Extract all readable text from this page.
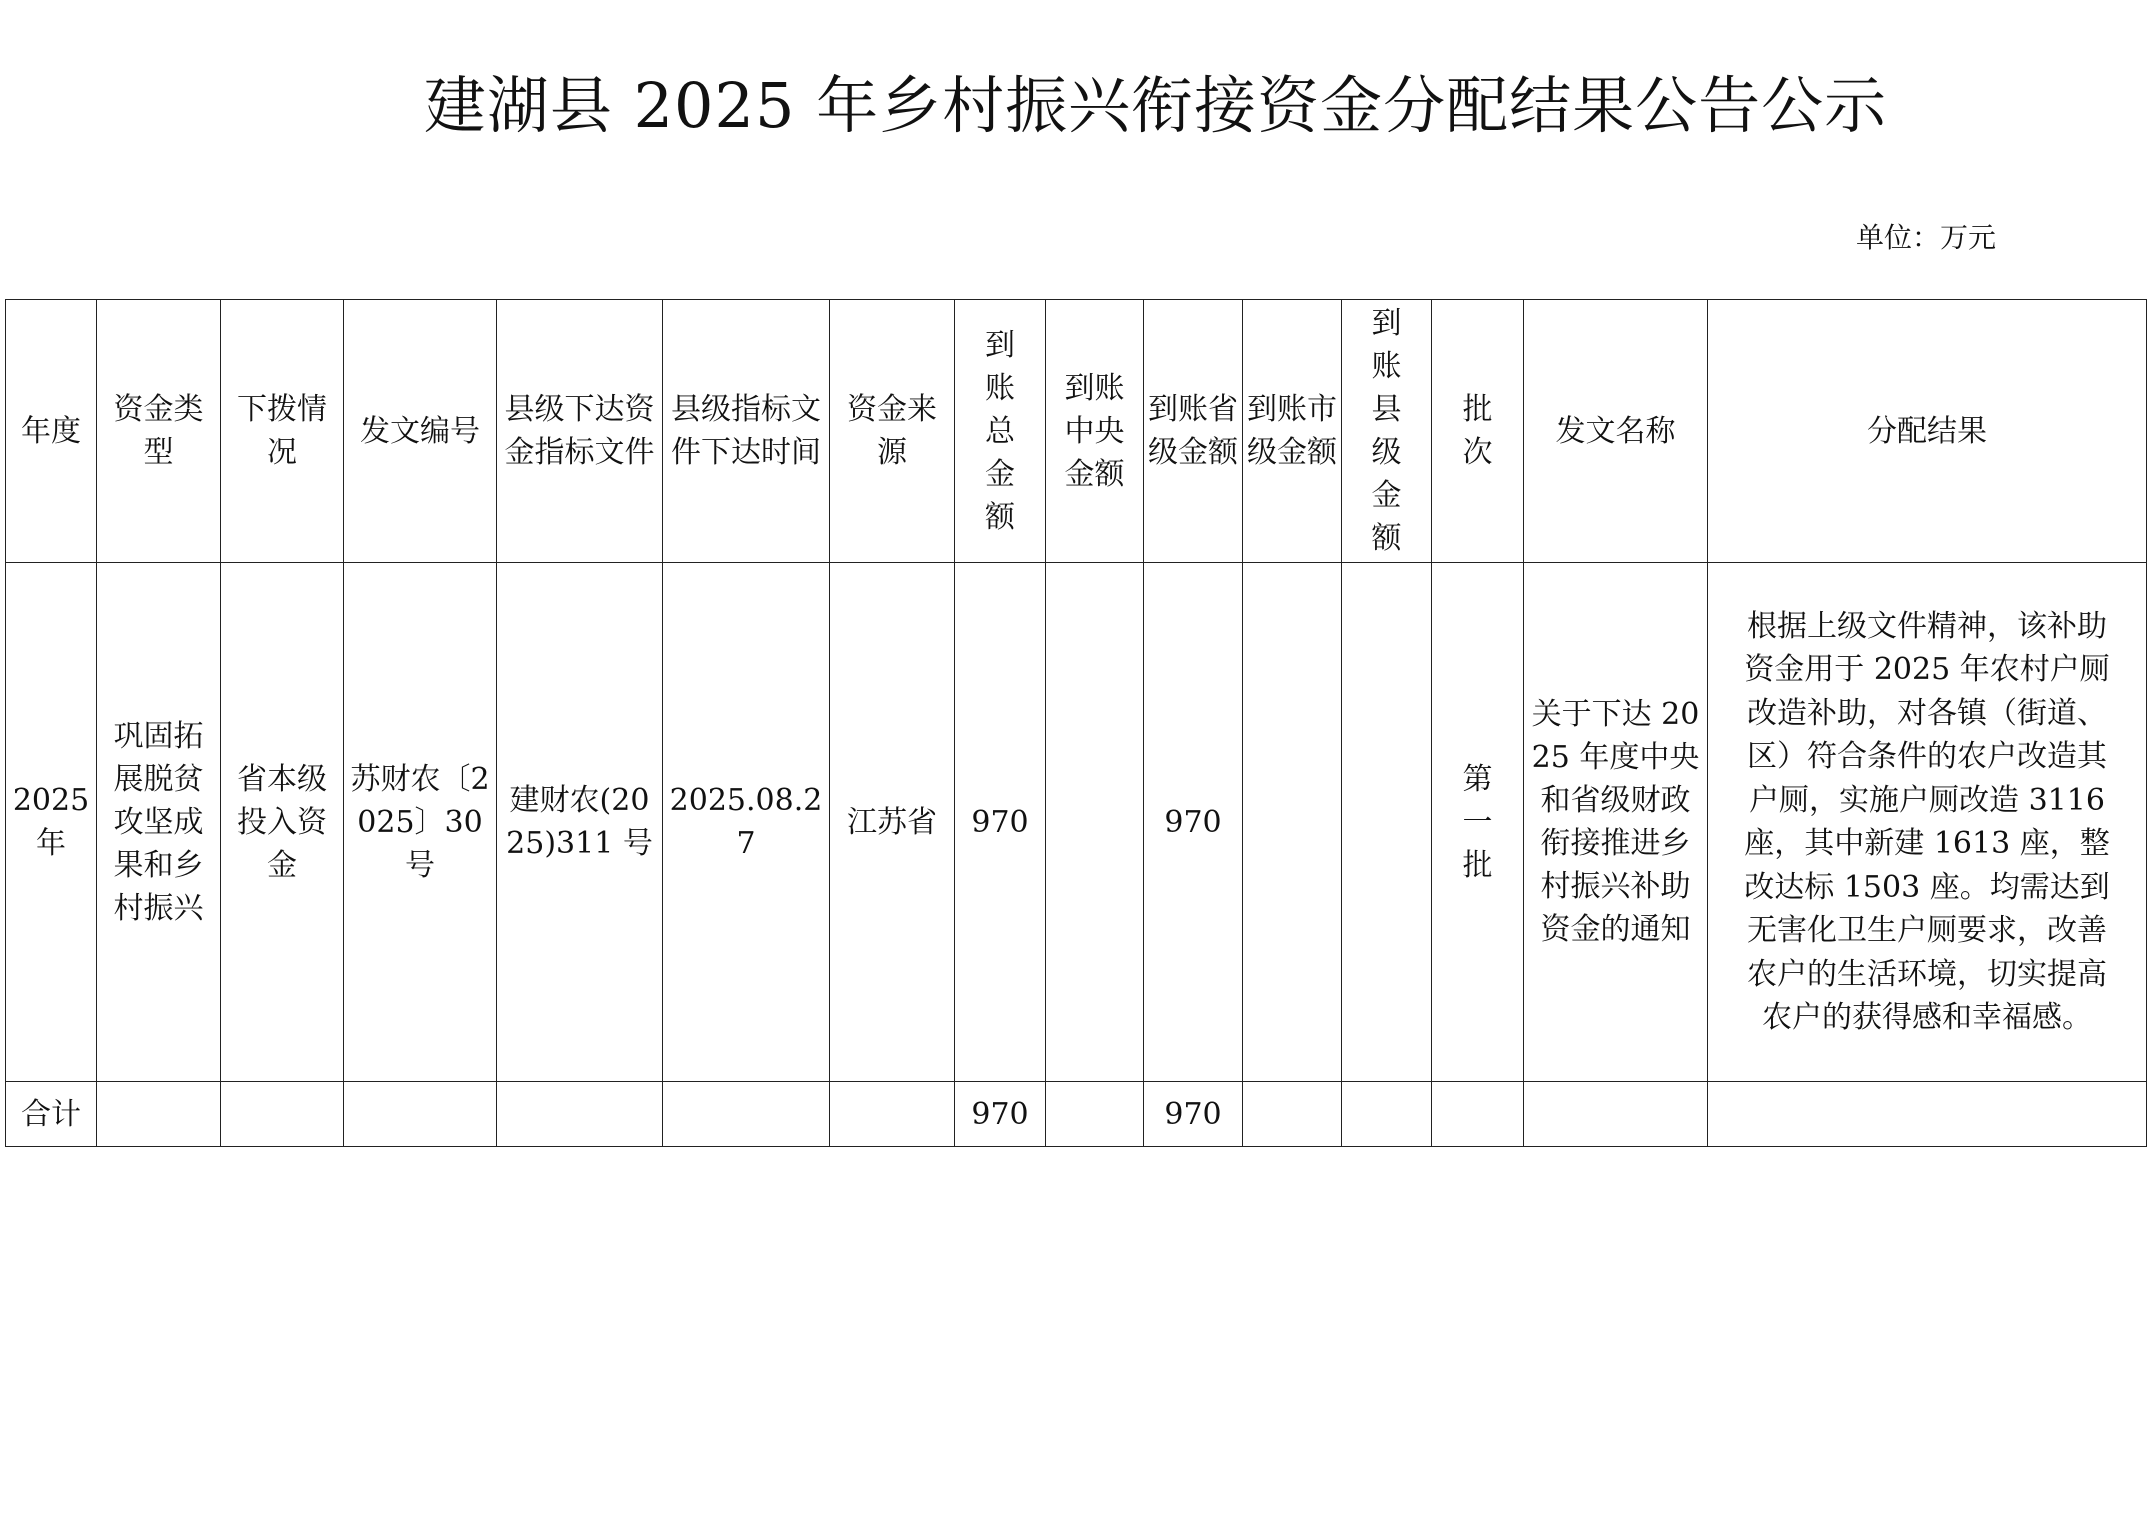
建湖县 2025 年乡村振兴衔接资金分配结果公告公示
单位：万元
年度	资金类型	下拨情况	发文编号	县级下达资金指标文件	县级指标文件下达时间	资金来源	到账总金额	到账中央金额	到账省级金额	到账市级金额	到账县级金额	批次	发文名称	分配结果
2025 年	巩固拓展脱贫攻坚成果和乡村振兴	省本级投入资金	苏财农〔2025〕30 号	建财农(2025)311 号	2025.08.27	江苏省	970		970			第一批	关于下达 2025 年度中央和省级财政衔接推进乡村振兴补助资金的通知	根据上级文件精神，该补助资金用于 2025 年农村户厕改造补助，对各镇（街道、区）符合条件的农户改造其户厕，实施户厕改造 3116 座，其中新建 1613 座，整改达标 1503 座。均需达到无害化卫生户厕要求，改善农户的生活环境，切实提高农户的获得感和幸福感。
合计							970		970					
